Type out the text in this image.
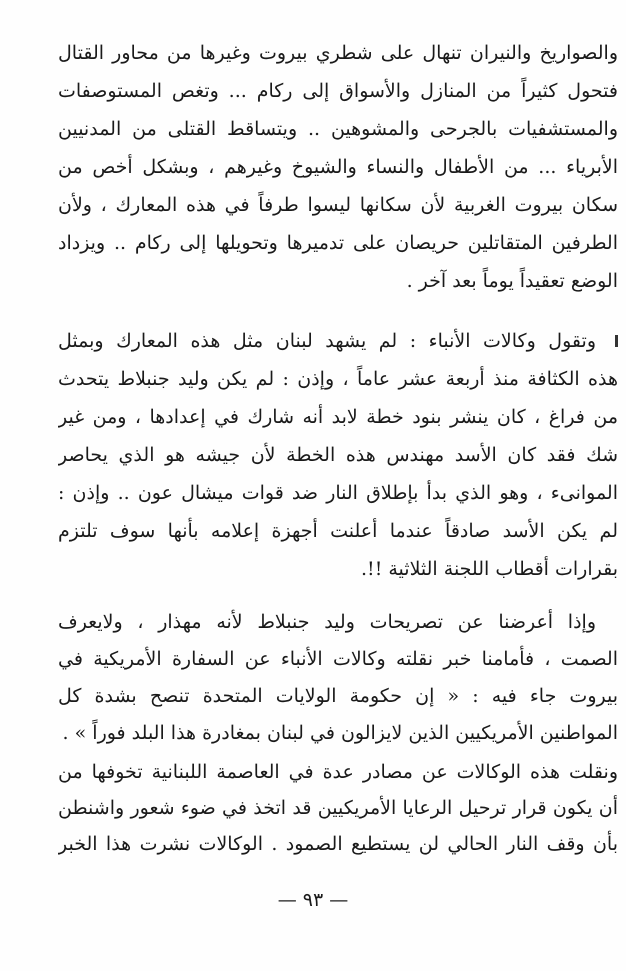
والصواريخ والنيران تنهال على شطري بيروت وغيرها من محاور القتال
فتحول كثيراً من المنازل والأسواق إلى ركام ... وتغص المستوصفات
والمستشفيات بالجرحى والمشوهين .. ويتساقط القتلى من المدنيين
الأبرياء ... من الأطفال والنساء والشيوخ وغيرهم ، وبشكل أخص من
سكان بيروت الغربية لأن سكانها ليسوا طرفاً في هذه المعارك ، ولأن
الطرفين المتقاتلين حريصان على تدميرها وتحويلها إلى ركام .. ويزداد
الوضع تعقيداً يوماً بعد آخر .
وتقول وكالات الأنباء : لم يشهد لبنان مثل هذه المعارك وبمثل
هذه الكثافة منذ أربعة عشر عاماً ، وإذن : لم يكن وليد جنبلاط يتحدث
من فراغ ، كان ينشر بنود خطة لابد أنه شارك في إعدادها ، ومن غير
شك فقد كان الأسد مهندس هذه الخطة لأن جيشه هو الذي يحاصر
الموانىء ، وهو الذي بدأ بإطلاق النار ضد قوات ميشال عون .. وإذن :
لم يكن الأسد صادقاً عندما أعلنت أجهزة إعلامه بأنها سوف تلتزم
بقرارات أقطاب اللجنة الثلاثية !!.
وإذا أعرضنا عن تصريحات وليد جنبلاط لأنه مهذار ، ولايعرف
الصمت ، فأمامنا خبر نقلته وكالات الأنباء عن السفارة الأمريكية في
بيروت جاء فيه : « إن حكومة الولايات المتحدة تنصح بشدة كل
المواطنين الأمريكيين الذين لايزالون في لبنان بمغادرة هذا البلد فوراً » .
ونقلت هذه الوكالات عن مصادر عدة في العاصمة اللبنانية تخوفها من
أن يكون قرار ترحيل الرعايا الأمريكيين قد اتخذ في ضوء شعور واشنطن
بأن وقف النار الحالي لن يستطيع الصمود . الوكالات نشرت هذا الخبر
— ٩٣ —
